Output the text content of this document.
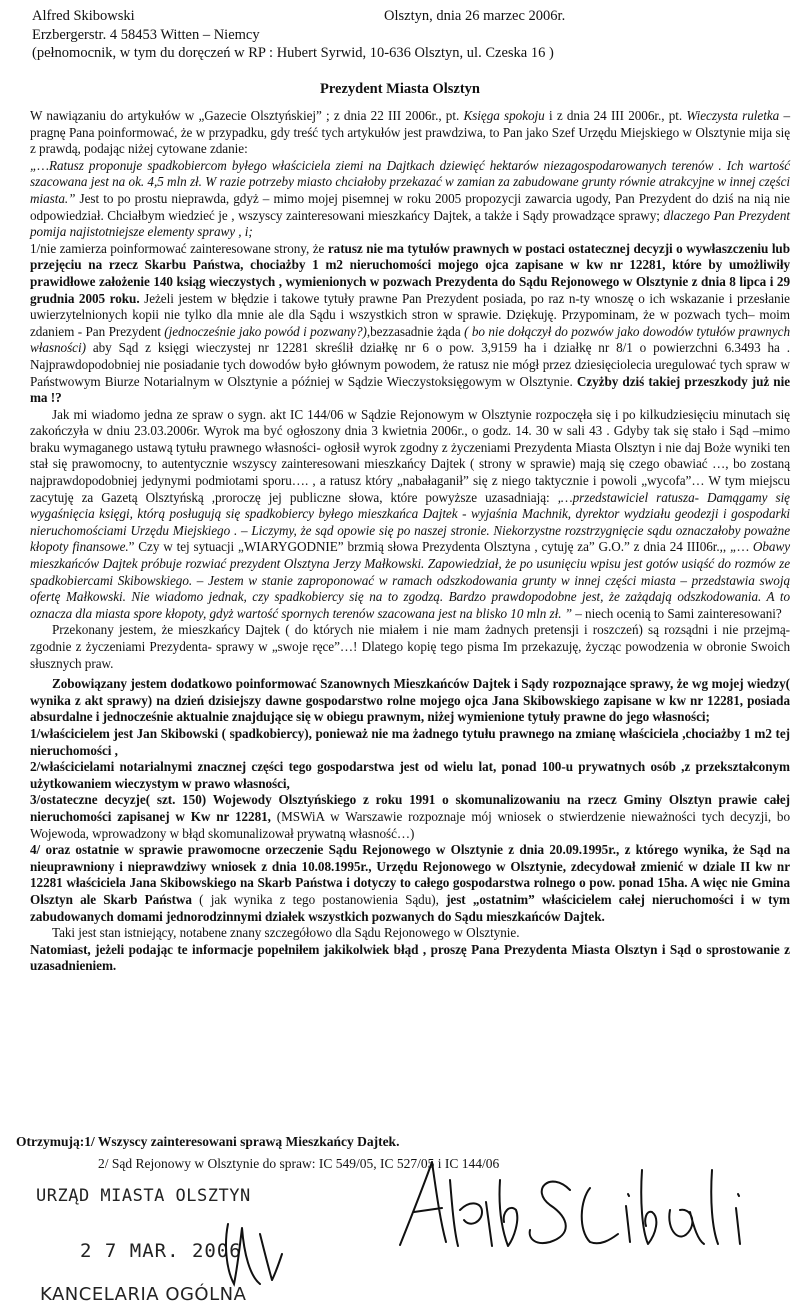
Alfred Skibowski	Olsztyn, dnia 26 marzec 2006r.
Erzbergerstr. 4 58453 Witten – Niemcy
(pełnomocnik, w tym du doręczeń w RP : Hubert Syrwid, 10‑636 Olsztyn, ul. Czeska 16 )
Prezydent Miasta Olsztyn

W nawiązaniu do artykułów w „Gazecie Olsztyńskiej” ; z dnia 22 III 2006r., pt. Księga spokoju i z dnia 24 III 2006r., pt. Wieczysta ruletka – pragnę Pana poinformować, że w przypadku, gdy treść tych artykułów jest prawdziwa, to Pan jako Szef Urzędu Miejskiego w Olsztynie mija się z prawdą, podając niżej cytowane zdanie:

„…Ratusz proponuje spadkobiercom byłego właściciela ziemi na Dajtkach dziewięć hektarów niezagospodarowanych terenów . Ich wartość szacowana jest na ok. 4,5 mln zł. W razie potrzeby miasto chciałoby przekazać w zamian za zabudowane grunty równie atrakcyjne w innej części miasta.” Jest to po prostu nieprawda, gdyż – mimo mojej pisemnej w roku 2005 propozycji zawarcia ugody, Pan Prezydent do dziś na nią nie odpowiedział. Chciałbym wiedzieć je , wszyscy zainteresowani mieszkańcy Dajtek, a także i Sądy prowadzące sprawy; dlaczego Pan Prezydent pomija najistotniejsze elementy sprawy , i;

1/nie zamierza poinformować zainteresowane strony, że ratusz nie ma tytułów prawnych w postaci ostatecznej decyzji o wywłaszczeniu lub przejęciu na rzecz Skarbu Państwa, chociażby 1 m2 nieruchomości mojego ojca zapisane w kw nr 12281, które by umożliwiły prawidłowe założenie 140 ksiąg wieczystych , wymienionych w pozwach Prezydenta do Sądu Rejonowego w Olsztynie z dnia 8 lipca i 29 grudnia 2005 roku. Jeżeli jestem w błędzie i takowe tytuły prawne Pan Prezydent posiada, po raz n‑ty wnoszę o ich wskazanie i przesłanie uwierzytelnionych kopii nie tylko dla mnie ale dla Sądu i wszystkich stron w sprawie. Dziękuję. Przypominam, że w pozwach tych– moim zdaniem - Pan Prezydent (jednocześnie jako powód i pozwany?),bezzasadnie żąda ( bo nie dołączył do pozwów jako dowodów tytułów prawnych własności) aby Sąd z księgi wieczystej nr 12281 skreślił działkę nr 6 o pow. 3,9159 ha i działkę nr 8/1 o powierzchni 6.3493 ha . Najprawdopodobniej nie posiadanie tych dowodów było głównym powodem, że ratusz nie mógł przez dziesięciolecia uregulować tych spraw w Państwowym Biurze Notarialnym w Olsztynie a później w Sądzie Wieczystoksięgowym w Olsztynie. Czyżby dziś takiej przeszkody już nie ma !?

Jak mi wiadomo jedna ze spraw o sygn. akt IC 144/06 w Sądzie Rejonowym w Olsztynie rozpoczęła się i po kilkudziesięciu minutach się zakończyła w dniu 23.03.2006r. Wyrok ma być ogłoszony dnia 3 kwietnia 2006r., o godz. 14. 30 w sali 43 . Gdyby tak się stało i Sąd –mimo braku wymaganego ustawą tytułu prawnego własności- ogłosił wyrok zgodny z życzeniami Prezydenta Miasta Olsztyn i nie daj Boże wyniki ten stał się prawomocny, to autentycznie wszyscy zainteresowani mieszkańcy Dajtek ( strony w sprawie) mają się czego obawiać …, bo zostaną najprawdopodobniej jedynymi podmiotami sporu…. , a ratusz który „nabałaganił” się z niego taktycznie i powoli „wycofa”… W tym miejscu zacytuję za Gazetą Olsztyńską ,proroczę jej publiczne słowa, które powyższe uzasadniają: ,…przedstawiciel ratusza- Damągamy się wygaśnięcia księgi, którą posługują się spadkobiercy byłego mieszkańca Dajtek - wyjaśnia Machnik, dyrektor wydziału geodezji i gospodarki nieruchomościami Urzędu Miejskiego . – Liczymy, że sąd opowie się po naszej stronie. Niekorzystne rozstrzygnięcie sądu oznaczałoby poważne kłopoty finansowe.” Czy w tej sytuacji „WIARYGODNIE” brzmią słowa Prezydenta Olsztyna , cytuję za” G.O.” z dnia 24 III06r.,, „… Obawy mieszkańców Dajtek próbuje rozwiać prezydent Olsztyna Jerzy Małkowski. Zapowiedział, że po usunięciu wpisu jest gotów usiąść do rozmów ze spadkobiercami Skibowskiego. – Jestem w stanie zaproponować w ramach odszkodowania grunty w innej części miasta – przedstawia swoją ofertę Małkowski. Nie wiadomo jednak, czy spadkobiercy się na to zgodzą. Bardzo prawdopodobne jest, że zażądają odszkodowania. A to oznacza dla miasta spore kłopoty, gdyż wartość spornych terenów szacowana jest na blisko 10 mln zł. ” – niech ocenią to Sami zainteresowani?

Przekonany jestem, że mieszkańcy Dajtek ( do których nie miałem i nie mam żadnych pretensji i roszczeń) są rozsądni i nie przejmą- zgodnie z życzeniami Prezydenta- sprawy w „swoje ręce”…! Dlatego kopię tego pisma Im przekazuję, życząc powodzenia w obronie Swoich słusznych praw.

Zobowiązany jestem dodatkowo poinformować Szanownych Mieszkańców Dajtek i Sądy rozpoznające sprawy, że wg mojej wiedzy( wynika z akt sprawy) na dzień dzisiejszy dawne gospodarstwo rolne mojego ojca Jana Skibowskiego zapisane w kw nr 12281, posiada absurdalne i jednocześnie aktualnie znajdujące się w obiegu prawnym, niżej wymienione tytuły prawne do jego własności;

1/właścicielem jest Jan Skibowski ( spadkobiercy), ponieważ nie ma żadnego tytułu prawnego na zmianę właściciela ,chociażby 1 m2 tej nieruchomości ,

2/właścicielami notarialnymi znacznej części tego gospodarstwa jest od wielu lat, ponad 100-u prywatnych osób ,z przekształconym użytkowaniem wieczystym w prawo własności,

3/ostateczne decyzje( szt. 150) Wojewody Olsztyńskiego z roku 1991 o skomunalizowaniu na rzecz Gminy Olsztyn prawie całej nieruchomości zapisanej w Kw nr 12281, (MSWiA w Warszawie rozpoznaje mój wniosek o stwierdzenie nieważności tych decyzji, bo Wojewoda, wprowadzony w błąd skomunalizował prywatną własność…)

4/ oraz ostatnie w sprawie prawomocne orzeczenie Sądu Rejonowego w Olsztynie z dnia 20.09.1995r., z którego wynika, że Sąd na nieuprawniony i nieprawdziwy wniosek z dnia 10.08.1995r., Urzędu Rejonowego w Olsztynie, zdecydował zmienić w dziale II kw nr 12281 właściciela Jana Skibowskiego na Skarb Państwa i dotyczy to całego gospodarstwa rolnego o pow. ponad 15ha. A więc nie Gmina Olsztyn ale Skarb Państwa ( jak wynika z tego postanowienia Sądu), jest „ostatnim” właścicielem całej nieruchomości i w tym zabudowanych domami jednorodzinnymi działek wszystkich pozwanych do Sądu mieszkańców Dajtek.

Taki jest stan istniejący, notabene znany szczegółowo dla Sądu Rejonowego w Olsztynie.

Natomiast, jeżeli podając te informacje popełniłem jakikolwiek błąd , proszę Pana Prezydenta Miasta Olsztyn i Sąd o sprostowanie z uzasadnieniem.

Otrzymują:1/ Wszyscy zainteresowani sprawą Mieszkańcy Dajtek.
2/ Sąd Rejonowy w Olsztynie do spraw: IC 549/05, IC 527/05 i IC 144/06
URZĄD MIASTA OLSZTYN
2 7 MAR. 2006
KANCELARIA OGÓLNA
